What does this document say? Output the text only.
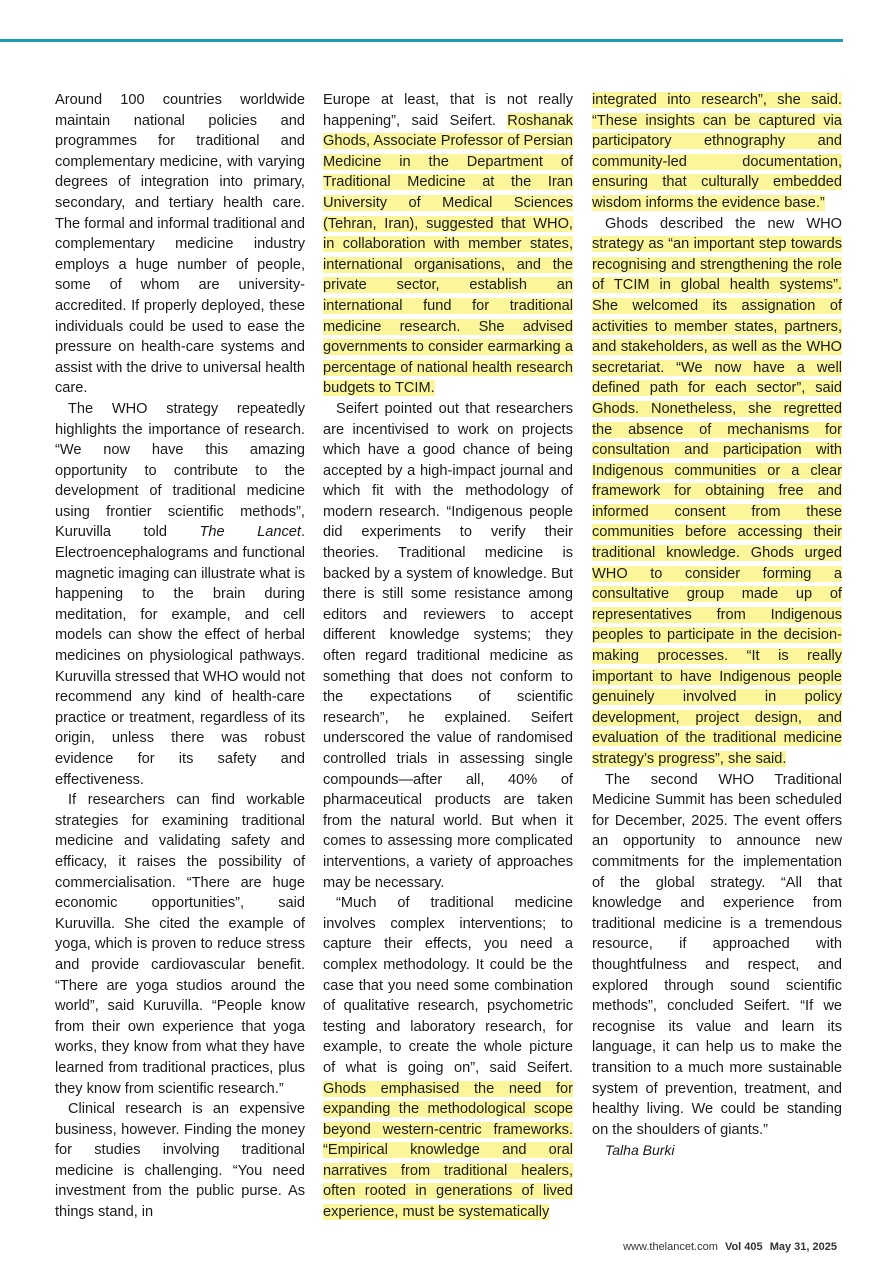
Around 100 countries worldwide maintain national policies and programmes for traditional and complementary medicine, with varying degrees of integration into primary, secondary, and tertiary health care. The formal and informal traditional and complementary medicine industry employs a huge number of people, some of whom are university-accredited. If properly deployed, these individuals could be used to ease the pressure on health-care systems and assist with the drive to universal health care.

The WHO strategy repeatedly highlights the importance of research. “We now have this amazing opportunity to contribute to the development of traditional medicine using frontier scientific methods”, Kuruvilla told The Lancet. Electroencephalograms and functional magnetic imaging can illustrate what is happening to the brain during meditation, for example, and cell models can show the effect of herbal medicines on physiological pathways. Kuruvilla stressed that WHO would not recommend any kind of health-care practice or treatment, regardless of its origin, unless there was robust evidence for its safety and effectiveness.

If researchers can find workable strategies for examining traditional medicine and validating safety and efficacy, it raises the possibility of commercialisation. “There are huge economic opportunities”, said Kuruvilla. She cited the example of yoga, which is proven to reduce stress and provide cardiovascular benefit. “There are yoga studios around the world”, said Kuruvilla. “People know from their own experience that yoga works, they know from what they have learned from traditional practices, plus they know from scientific research.”

Clinical research is an expensive business, however. Finding the money for studies involving traditional medicine is challenging. “You need investment from the public purse. As things stand, in

Europe at least, that is not really happening”, said Seifert. Roshanak Ghods, Associate Professor of Persian Medicine in the Department of Traditional Medicine at the Iran University of Medical Sciences (Tehran, Iran), suggested that WHO, in collaboration with member states, international organisations, and the private sector, establish an international fund for traditional medicine research. She advised governments to consider earmarking a percentage of national health research budgets to TCIM.

Seifert pointed out that researchers are incentivised to work on projects which have a good chance of being accepted by a high-impact journal and which fit with the methodology of modern research. “Indigenous people did experiments to verify their theories. Traditional medicine is backed by a system of knowledge. But there is still some resistance among editors and reviewers to accept different knowledge systems; they often regard traditional medicine as something that does not conform to the expectations of scientific research”, he explained. Seifert underscored the value of randomised controlled trials in assessing single compounds—after all, 40% of pharmaceutical products are taken from the natural world. But when it comes to assessing more complicated interventions, a variety of approaches may be necessary.

“Much of traditional medicine involves complex interventions; to capture their effects, you need a complex methodology. It could be the case that you need some combination of qualitative research, psychometric testing and laboratory research, for example, to create the whole picture of what is going on”, said Seifert. Ghods emphasised the need for expanding the methodological scope beyond western-centric frameworks. “Empirical knowledge and oral narratives from traditional healers, often rooted in generations of lived experience, must be systematically

integrated into research”, she said. “These insights can be captured via participatory ethnography and community-led documentation, ensuring that culturally embedded wisdom informs the evidence base.”

Ghods described the new WHO strategy as “an important step towards recognising and strengthening the role of TCIM in global health systems”. She welcomed its assignation of activities to member states, partners, and stakeholders, as well as the WHO secretariat. “We now have a well defined path for each sector”, said Ghods. Nonetheless, she regretted the absence of mechanisms for consultation and participation with Indigenous communities or a clear framework for obtaining free and informed consent from these communities before accessing their traditional knowledge. Ghods urged WHO to consider forming a consultative group made up of representatives from Indigenous peoples to participate in the decision-making processes. “It is really important to have Indigenous people genuinely involved in policy development, project design, and evaluation of the traditional medicine strategy’s progress”, she said.

The second WHO Traditional Medicine Summit has been scheduled for December, 2025. The event offers an opportunity to announce new commitments for the implementation of the global strategy. “All that knowledge and experience from traditional medicine is a tremendous resource, if approached with thoughtfulness and respect, and explored through sound scientific methods”, concluded Seifert. “If we recognise its value and learn its language, it can help us to make the transition to a much more sustainable system of prevention, treatment, and healthy living. We could be standing on the shoulders of giants.”

Talha Burki

www.thelancet.com Vol 405 May 31, 2025
